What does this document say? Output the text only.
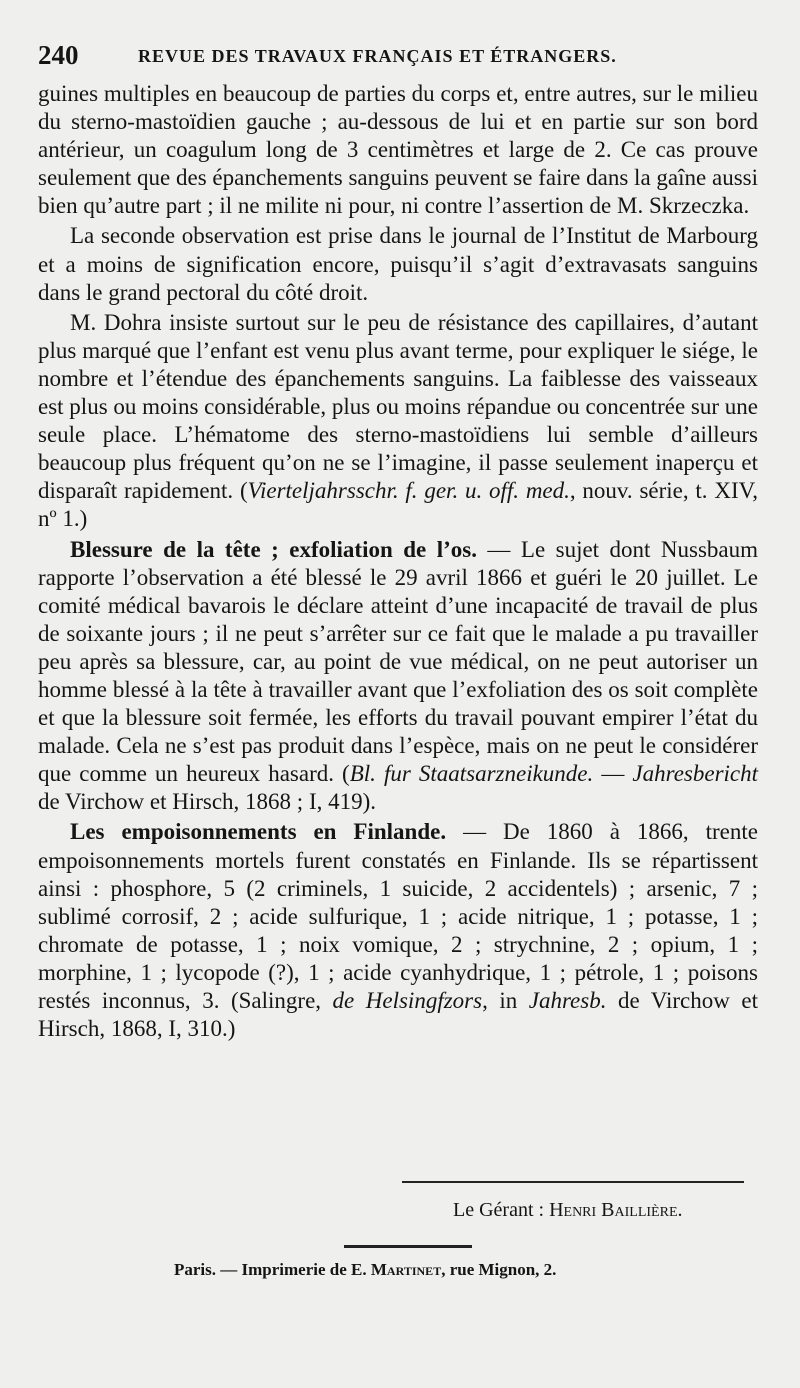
240	REVUE DES TRAVAUX FRANÇAIS ET ÉTRANGERS.

guines multiples en beaucoup de parties du corps et, entre autres, sur le milieu du sterno-mastoïdien gauche ; au-dessous de lui et en partie sur son bord antérieur, un coagulum long de 3 centimètres et large de 2. Ce cas prouve seulement que des épanchements sanguins peuvent se faire dans la gaîne aussi bien qu’autre part ; il ne milite ni pour, ni contre l’assertion de M. Skrzeczka.

La seconde observation est prise dans le journal de l’Institut de Marbourg et a moins de signification encore, puisqu’il s’agit d’extravasats sanguins dans le grand pectoral du côté droit.

M. Dohra insiste surtout sur le peu de résistance des capillaires, d’autant plus marqué que l’enfant est venu plus avant terme, pour expliquer le siége, le nombre et l’étendue des épanchements sanguins. La faiblesse des vaisseaux est plus ou moins considérable, plus ou moins répandue ou concentrée sur une seule place. L’hématome des sterno-mastoïdiens lui semble d’ailleurs beaucoup plus fréquent qu’on ne se l’imagine, il passe seulement inaperçu et disparaît rapidement. (Vierteljahrsschr. f. ger. u. off. med., nouv. série, t. XIV, nº 1.)

Blessure de la tête ; exfoliation de l’os. — Le sujet dont Nussbaum rapporte l’observation a été blessé le 29 avril 1866 et guéri le 20 juillet. Le comité médical bavarois le déclare atteint d’une incapacité de travail de plus de soixante jours ; il ne peut s’arrêter sur ce fait que le malade a pu travailler peu après sa blessure, car, au point de vue médical, on ne peut autoriser un homme blessé à la tête à travailler avant que l’exfoliation des os soit complète et que la blessure soit fermée, les efforts du travail pouvant empirer l’état du malade. Cela ne s’est pas produit dans l’espèce, mais on ne peut le considérer que comme un heureux hasard. (Bl. fur Staatsarzneikunde. — Jahresbericht de Virchow et Hirsch, 1868 ; I, 419).

Les empoisonnements en Finlande. — De 1860 à 1866, trente empoisonnements mortels furent constatés en Finlande. Ils se répartissent ainsi : phosphore, 5 (2 criminels, 1 suicide, 2 accidentels) ; arsenic, 7 ; sublimé corrosif, 2 ; acide sulfurique, 1 ; acide nitrique, 1 ; potasse, 1 ; chromate de potasse, 1 ; noix vomique, 2 ; strychnine, 2 ; opium, 1 ; morphine, 1 ; lycopode (?), 1 ; acide cyanhydrique, 1 ; pétrole, 1 ; poisons restés inconnus, 3. (Salingre, de Helsingfzors, in Jahresb. de Virchow et Hirsch, 1868, I, 310.)

Le Gérant : Henri Baillière.
Paris. — Imprimerie de E. Martinet, rue Mignon, 2.
